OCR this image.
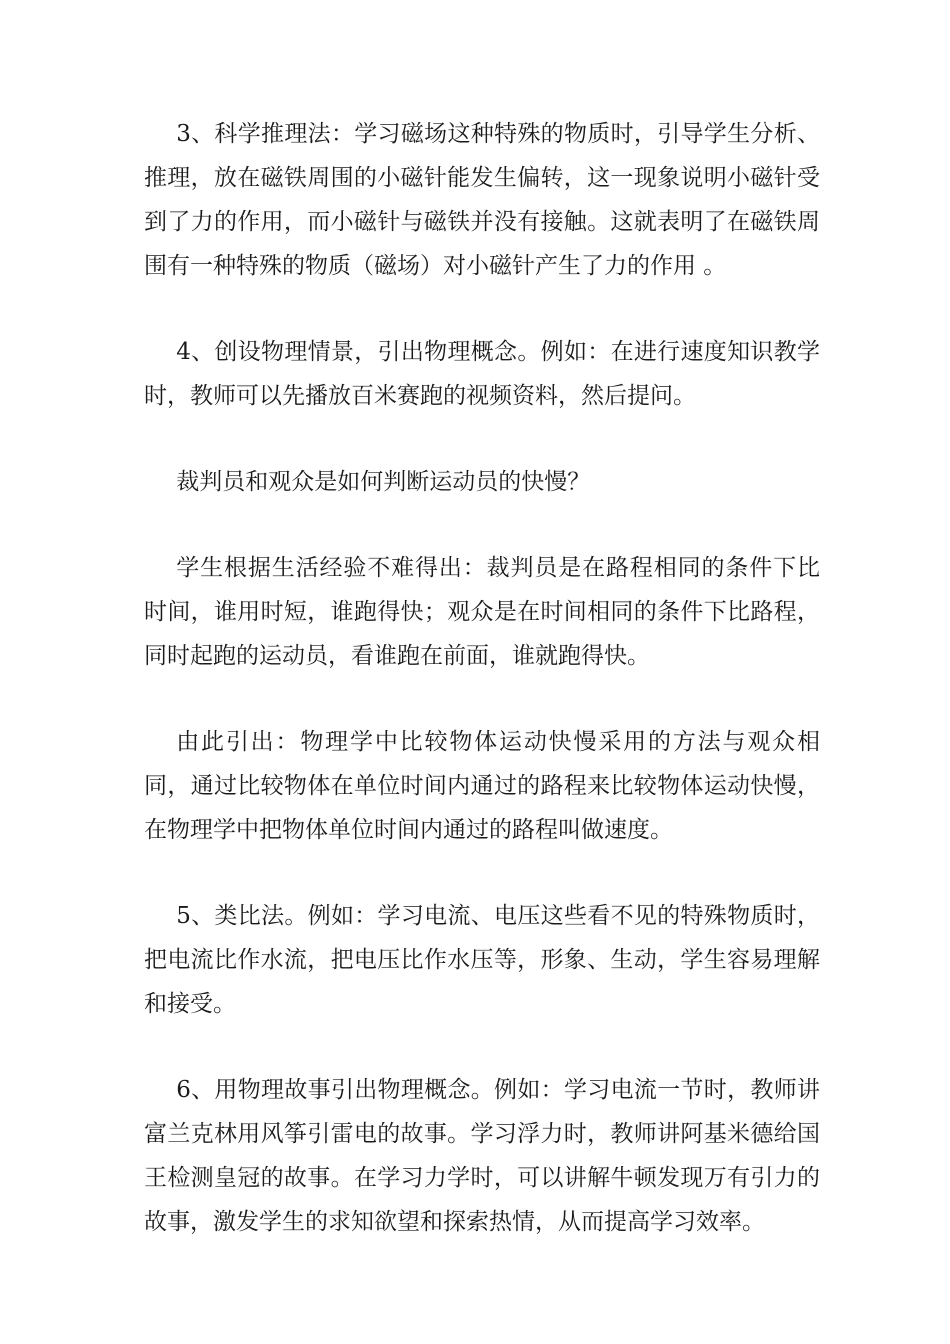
3、科学推理法：学习磁场这种特殊的物质时，引导学生分析、推理，放在磁铁周围的小磁针能发生偏转，这一现象说明小磁针受到了力的作用，而小磁针与磁铁并没有接触。这就表明了在磁铁周围有一种特殊的物质（磁场）对小磁针产生了力的作用 。

4、创设物理情景，引出物理概念。例如：在进行速度知识教学时，教师可以先播放百米赛跑的视频资料，然后提问。

裁判员和观众是如何判断运动员的快慢？

学生根据生活经验不难得出：裁判员是在路程相同的条件下比时间，谁用时短，谁跑得快；观众是在时间相同的条件下比路程，同时起跑的运动员，看谁跑在前面，谁就跑得快。

由此引出：物理学中比较物体运动快慢采用的方法与观众相同，通过比较物体在单位时间内通过的路程来比较物体运动快慢，在物理学中把物体单位时间内通过的路程叫做速度。

5、类比法。例如：学习电流、电压这些看不见的特殊物质时，把电流比作水流，把电压比作水压等，形象、生动，学生容易理解和接受。

6、用物理故事引出物理概念。例如：学习电流一节时，教师讲富兰克林用风筝引雷电的故事。学习浮力时，教师讲阿基米德给国王检测皇冠的故事。在学习力学时，可以讲解牛顿发现万有引力的故事，激发学生的求知欲望和探索热情，从而提高学习效率。
